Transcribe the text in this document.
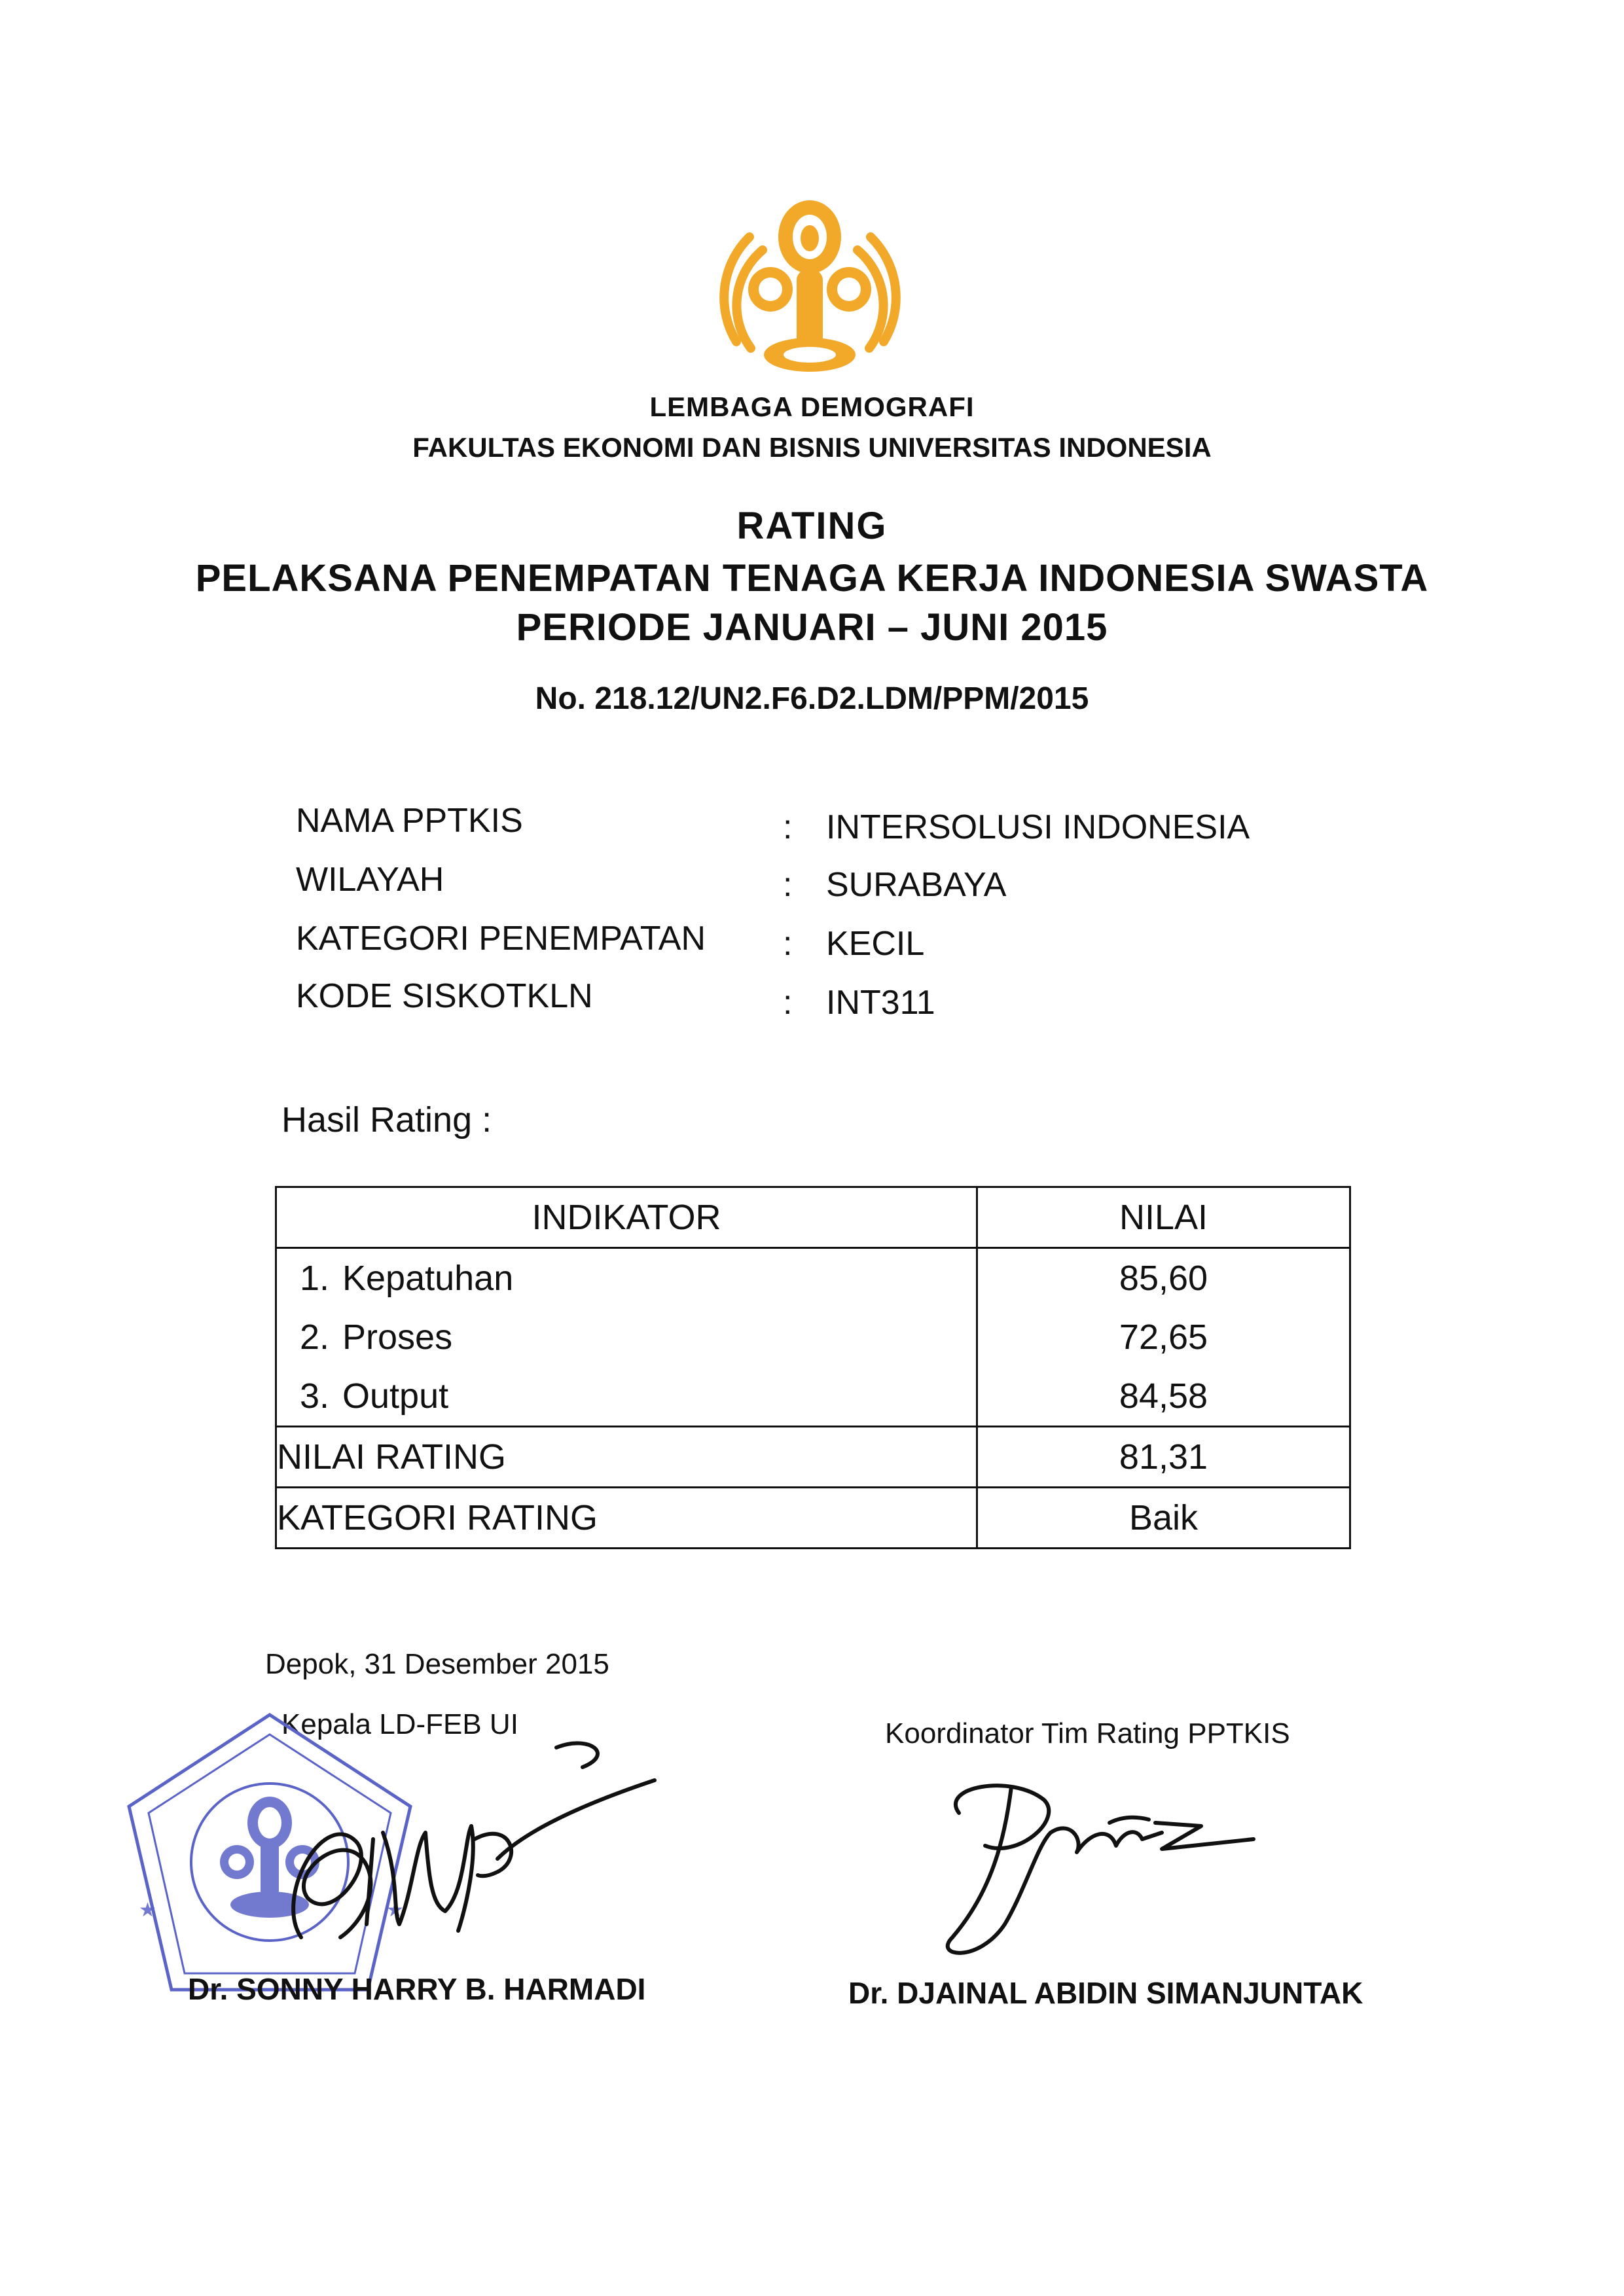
LEMBAGA DEMOGRAFI
FAKULTAS EKONOMI DAN BISNIS UNIVERSITAS INDONESIA
RATING
PELAKSANA PENEMPATAN TENAGA KERJA INDONESIA SWASTA
PERIODE JANUARI – JUNI 2015
No. 218.12/UN2.F6.D2.LDM/PPM/2015
NAMA PPTKIS	: INTERSOLUSI INDONESIA
WILAYAH	: SURABAYA
KATEGORI PENEMPATAN : KECIL
KODE SISKOTKLN	: INT311
Hasil Rating :
INDIKATOR	NILAI
1. Kepatuhan	85,60
2. Proses	72,65
3. Output	84,58
NILAI RATING	81,31
KATEGORI RATING	Baik
Depok, 31 Desember 2015
Kepala LD-FEB UI	Koordinator Tim Rating PPTKIS
★	★
Dr. SONNY HARRY B. HARMADI	Dr. DJAINAL ABIDIN SIMANJUNTAK
